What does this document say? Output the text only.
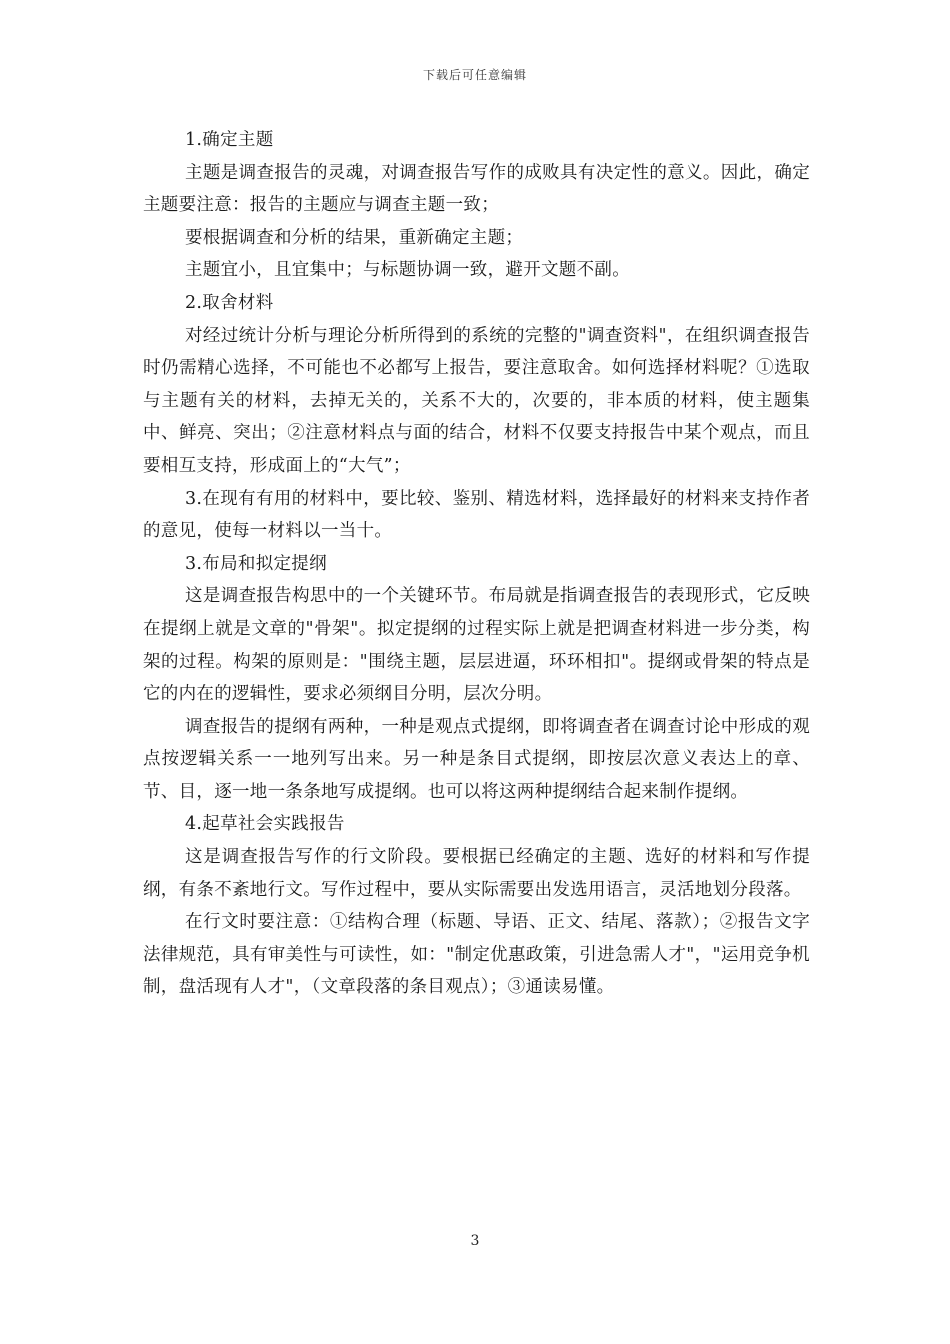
下载后可任意编辑

1.确定主题

主题是调查报告的灵魂，对调查报告写作的成败具有决定性的意义。因此，确定主题要注意：报告的主题应与调查主题一致；

要根据调查和分析的结果，重新确定主题；

主题宜小，且宜集中；与标题协调一致，避开文题不副。

2.取舍材料

对经过统计分析与理论分析所得到的系统的完整的"调查资料"，在组织调查报告时仍需精心选择，不可能也不必都写上报告，要注意取舍。如何选择材料呢？①选取与主题有关的材料，去掉无关的，关系不大的，次要的，非本质的材料，使主题集中、鲜亮、突出；②注意材料点与面的结合，材料不仅要支持报告中某个观点，而且要相互支持，形成面上的“大气”；

3.在现有有用的材料中，要比较、鉴别、精选材料，选择最好的材料来支持作者的意见，使每一材料以一当十。

3.布局和拟定提纲

这是调查报告构思中的一个关键环节。布局就是指调查报告的表现形式，它反映在提纲上就是文章的"骨架"。拟定提纲的过程实际上就是把调查材料进一步分类，构架的过程。构架的原则是："围绕主题，层层进逼，环环相扣"。提纲或骨架的特点是它的内在的逻辑性，要求必须纲目分明，层次分明。

调查报告的提纲有两种，一种是观点式提纲，即将调查者在调查讨论中形成的观点按逻辑关系一一地列写出来。另一种是条目式提纲，即按层次意义表达上的章、节、目，逐一地一条条地写成提纲。也可以将这两种提纲结合起来制作提纲。

4.起草社会实践报告

这是调查报告写作的行文阶段。要根据已经确定的主题、选好的材料和写作提纲，有条不紊地行文。写作过程中，要从实际需要出发选用语言，灵活地划分段落。

在行文时要注意：①结构合理（标题、导语、正文、结尾、落款）；②报告文字法律规范，具有审美性与可读性，如："制定优惠政策，引进急需人才"，"运用竞争机制，盘活现有人才"，（文章段落的条目观点）；③通读易懂。

3
